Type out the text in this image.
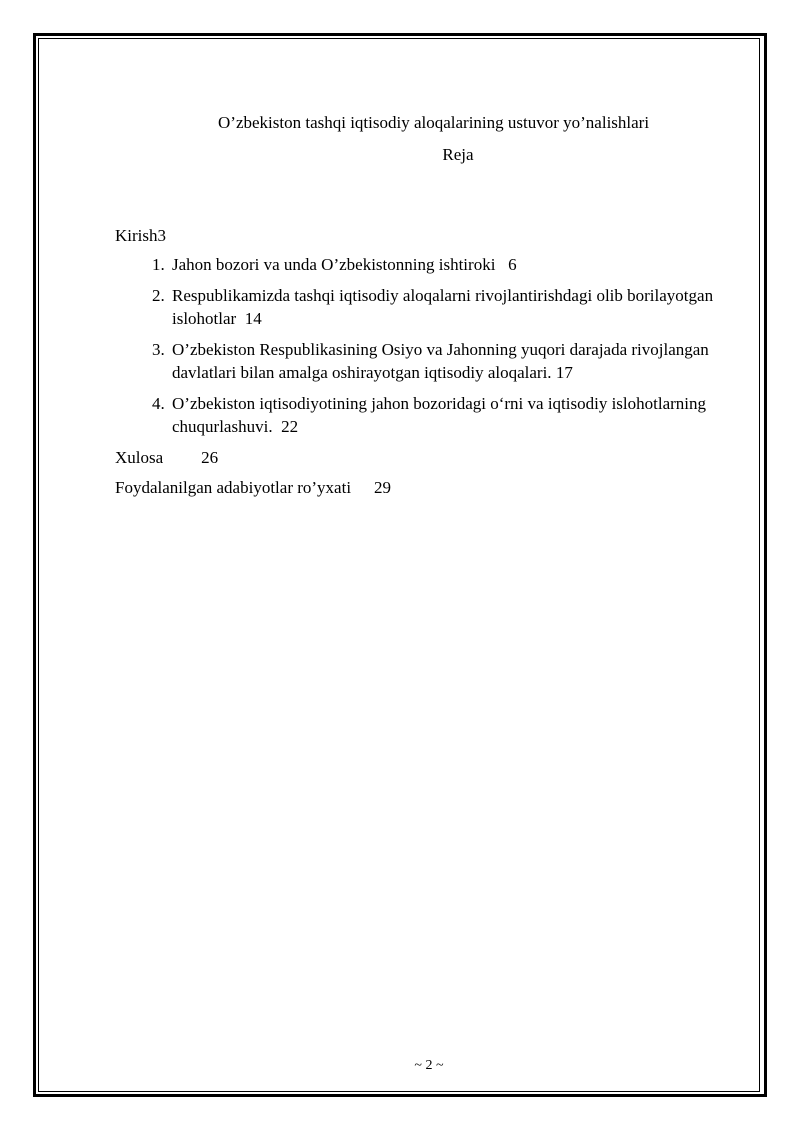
O’zbekiston tashqi iqtisodiy aloqalarining ustuvor yo’nalishlari
Reja
Kirish3
1. Jahon bozori va unda O’zbekistonning ishtiroki 6
2. Respublikamizda tashqi iqtisodiy aloqalarni rivojlantirishdagi olib borilayotgan islohotlar 14
3. O’zbekiston Respublikasining Osiyo va Jahonning yuqori darajada rivojlangan davlatlari bilan amalga oshirayotgan iqtisodiy aloqalari. 17
4. O’zbekiston iqtisodiyotining jahon bozoridagi o‘rni va iqtisodiy islohotlarning chuqurlashuvi. 22
Xulosa 26
Foydalanilgan adabiyotlar ro’yxati 29
~ 2 ~
